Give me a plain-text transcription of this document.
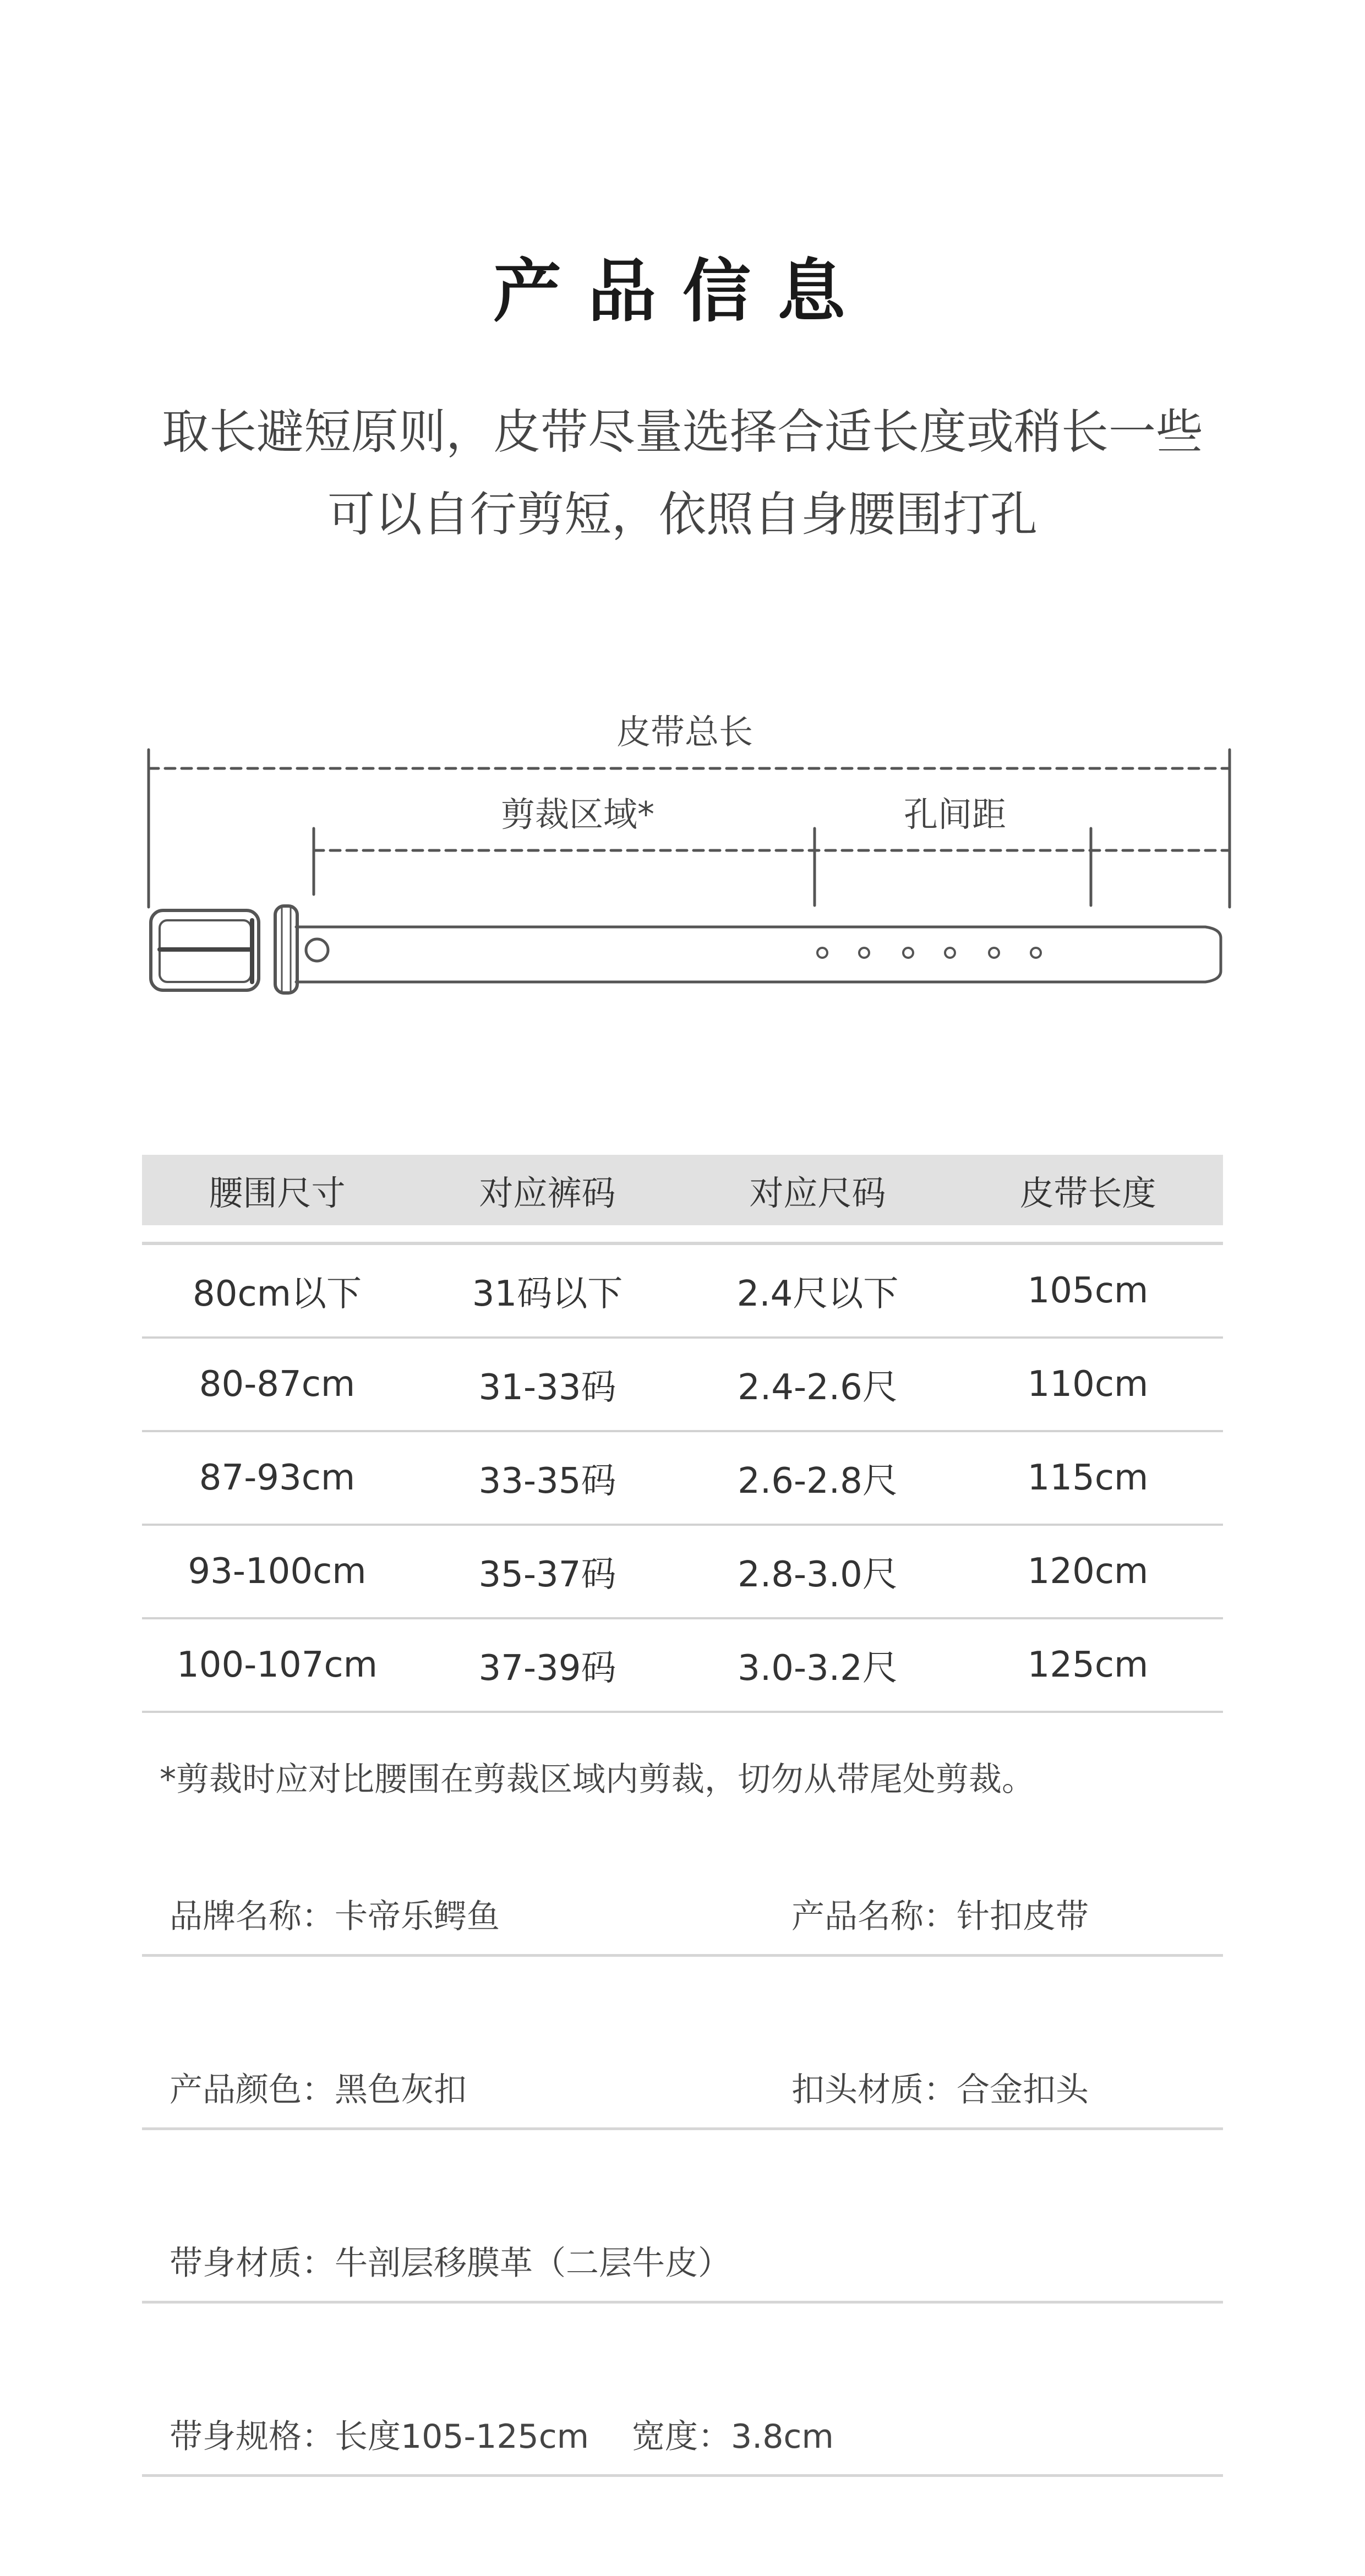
产品信息
取长避短原则，皮带尽量选择合适长度或稍长一些
可以自行剪短，依照自身腰围打孔
皮带总长
剪裁区域*	孔间距
腰围尺寸	对应裤码	对应尺码	皮带长度
80cm以下	31码以下	2.4尺以下	105cm
80-87cm	31-33码	2.4-2.6尺	110cm
87-93cm	33-35码	2.6-2.8尺	115cm
93-100cm	35-37码	2.8-3.0尺	120cm
100-107cm	37-39码	3.0-3.2尺	125cm
*剪裁时应对比腰围在剪裁区域内剪裁，切勿从带尾处剪裁。
品牌名称：卡帝乐鳄鱼	产品名称：针扣皮带
产品颜色：黑色灰扣	扣头材质：合金扣头
带身材质：牛剖层移膜革（二层牛皮）
带身规格：长度105-125cm 宽度：3.8cm
